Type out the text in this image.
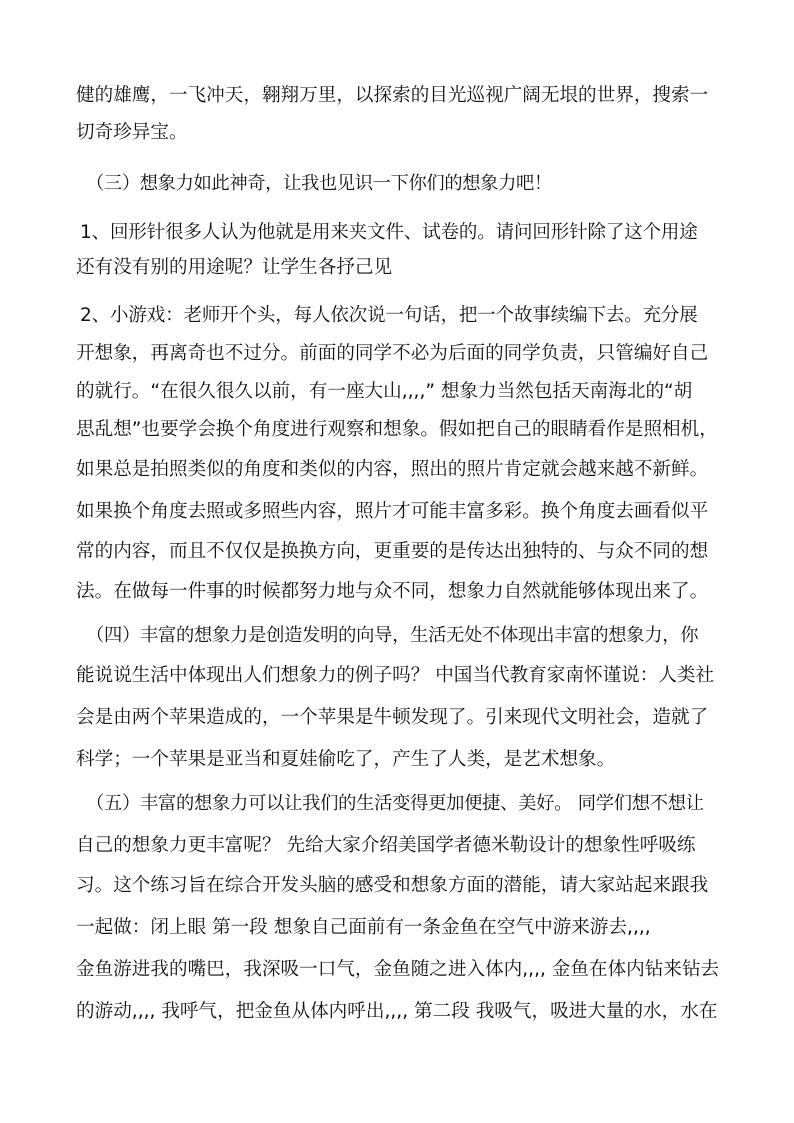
健的雄鹰，一飞冲天，翱翔万里，以探索的目光巡视广阔无垠的世界，搜索一
切奇珍异宝。
（三）想象力如此神奇，让我也见识一下你们的想象力吧！
1、回形针很多人认为他就是用来夹文件、试卷的。请问回形针除了这个用途
还有没有别的用途呢？让学生各抒己见
2、小游戏：老师开个头，每人依次说一句话，把一个故事续编下去。充分展
开想象，再离奇也不过分。前面的同学不必为后面的同学负责，只管编好自己
的就行。“在很久很久以前，有一座大山,,,,” 想象力当然包括天南海北的“胡
思乱想”也要学会换个角度进行观察和想象。假如把自己的眼睛看作是照相机，
如果总是拍照类似的角度和类似的内容，照出的照片肯定就会越来越不新鲜。
如果换个角度去照或多照些内容，照片才可能丰富多彩。换个角度去画看似平
常的内容，而且不仅仅是换换方向，更重要的是传达出独特的、与众不同的想
法。在做每一件事的时候都努力地与众不同，想象力自然就能够体现出来了。
（四）丰富的想象力是创造发明的向导，生活无处不体现出丰富的想象力，你
能说说生活中体现出人们想象力的例子吗？ 中国当代教育家南怀谨说：人类社
会是由两个苹果造成的，一个苹果是牛顿发现了。引来现代文明社会，造就了
科学；一个苹果是亚当和夏娃偷吃了，产生了人类，是艺术想象。
（五）丰富的想象力可以让我们的生活变得更加便捷、美好。 同学们想不想让
自己的想象力更丰富呢？ 先给大家介绍美国学者德米勒设计的想象性呼吸练
习。这个练习旨在综合开发头脑的感受和想象方面的潜能，请大家站起来跟我
一起做：闭上眼 第一段 想象自己面前有一条金鱼在空气中游来游去,,,,
金鱼游进我的嘴巴，我深吸一口气，金鱼随之进入体内,,,, 金鱼在体内钻来钻去
的游动,,,, 我呼气，把金鱼从体内呼出,,,, 第二段 我吸气，吸进大量的水，水在
